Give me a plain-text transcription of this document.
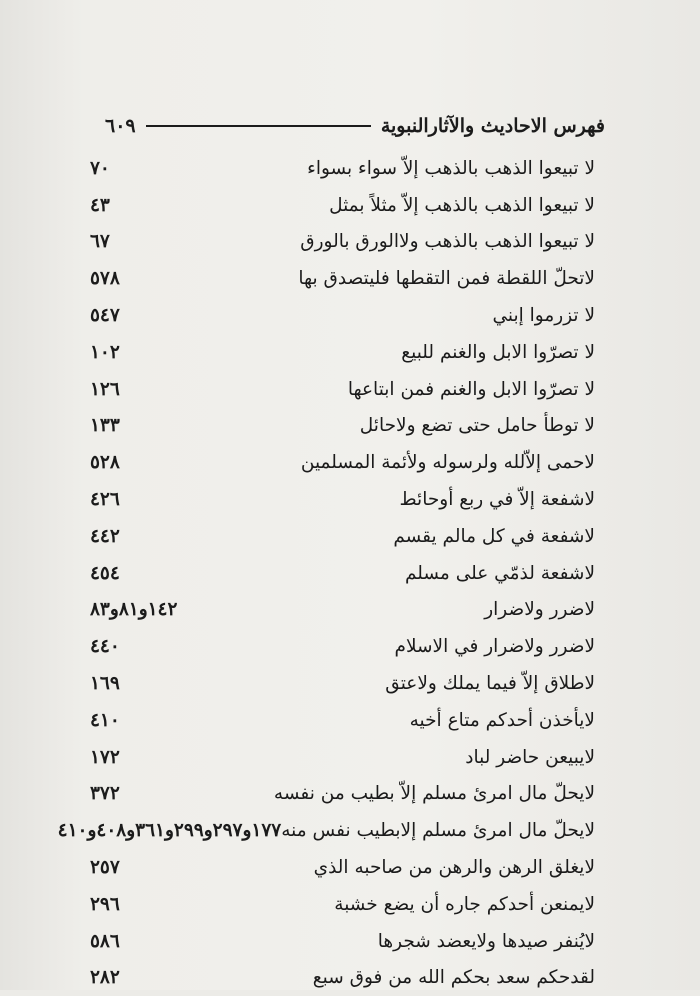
فهرس الاحاديث والآثارالنبوية
٦٠٩
لا تبيعوا الذهب بالذهب إلاّ سواء بسواء
٧٠
لا تبيعوا الذهب بالذهب إلاّ مثلاً بمثل
٤٣
لا تبيعوا الذهب بالذهب ولاالورق بالورق
٦٧
لاتحلّ اللقطة فمن التقطها فليتصدق بها
٥٧٨
لا تزرموا إبني
٥٤٧
لا تصرّوا الابل والغنم للبيع
١٠٢
لا تصرّوا الابل والغنم فمن ابتاعها
١٢٦
لا توطأ حامل حتى تضع ولاحائل
١٣٣
لاحمى إلاّلله ولرسوله ولأئمة المسلمين
٥٢٨
لاشفعة إلاّ في ربع أوحائط
٤٢٦
لاشفعة في كل مالم يقسم
٤٤٢
لاشفعة لذمّي على مسلم
٤٥٤
لاضرر ولاضرار
١٤٢و٨١و٨٣
لاضرر ولاضرار في الاسلام
٤٤٠
لاطلاق إلاّ فيما يملك ولاعتق
١٦٩
لايأخذن أحدكم متاع أخيه
٤١٠
لايبيعن حاضر لباد
١٧٢
لايحلّ مال امرئ مسلم إلاّ بطيب من نفسه
٣٧٢
لايحلّ مال امرئ مسلم إلابطيب نفس منه
١٧٧و٢٩٧و٢٩٩و٣٦١و٤٠٨و٤١٠
لايغلق الرهن والرهن من صاحبه الذي
٢٥٧
لايمنعن أحدكم جاره أن يضع خشبة
٢٩٦
لايُنفر صيدها ولايعضد شجرها
٥٨٦
لقدحكم سعد بحكم الله من فوق سبع
٢٨٢
